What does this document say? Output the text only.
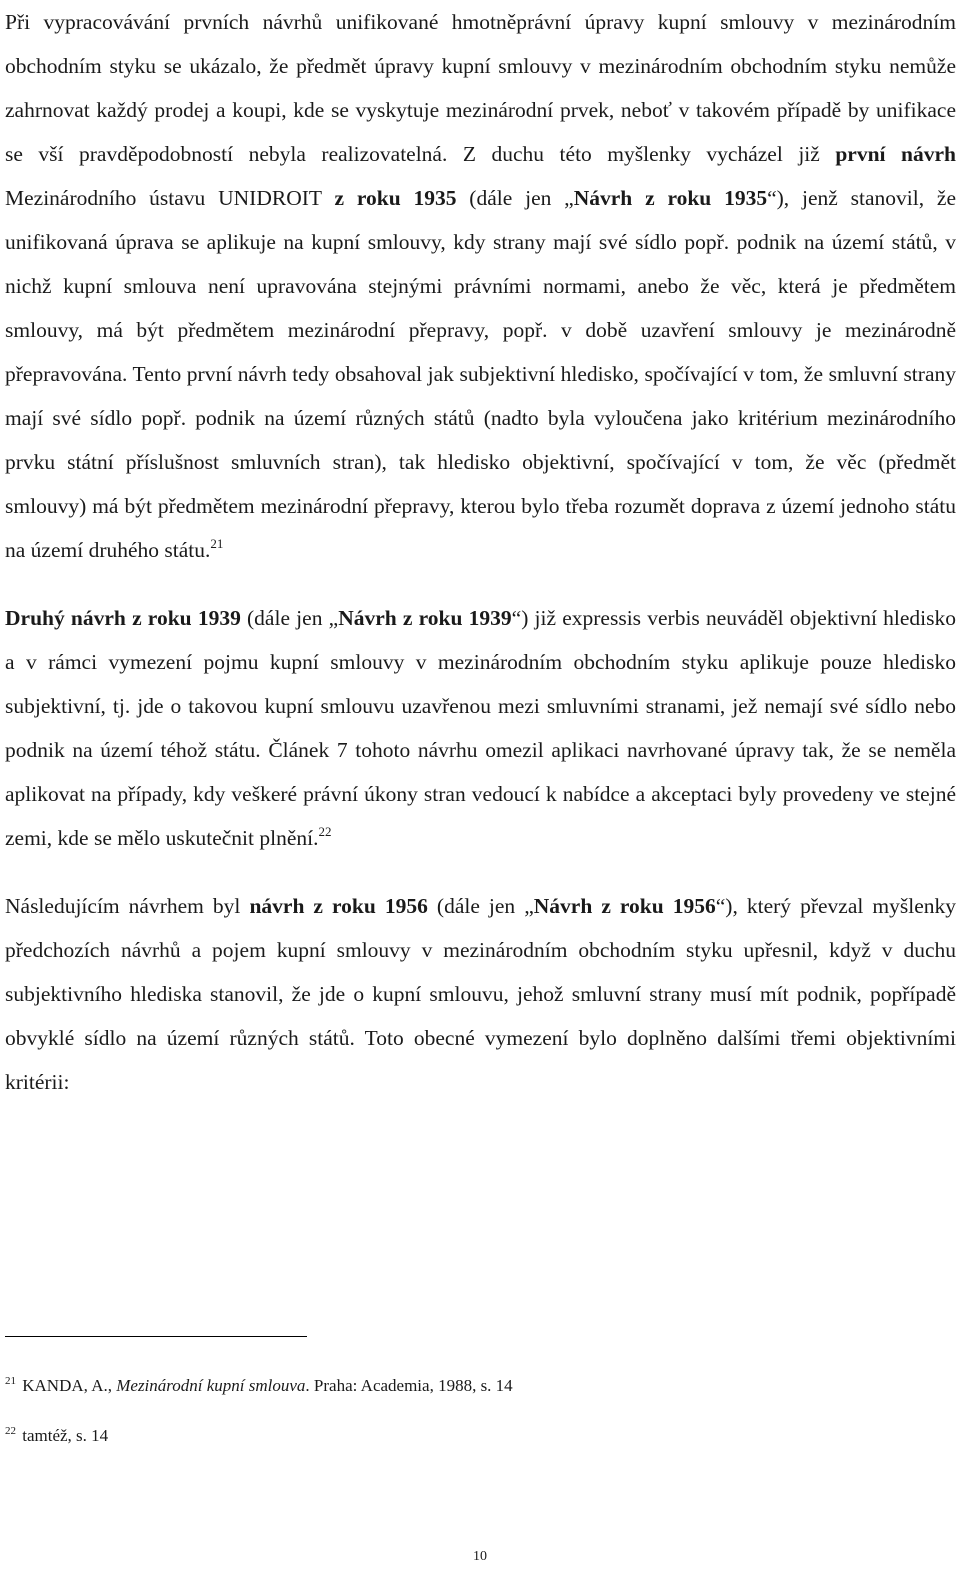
Při vypracovávání prvních návrhů unifikované hmotněprávní úpravy kupní smlouvy v mezinárodním obchodním styku se ukázalo, že předmět úpravy kupní smlouvy v mezinárodním obchodním styku nemůže zahrnovat každý prodej a koupi, kde se vyskytuje mezinárodní prvek, neboť v takovém případě by unifikace se vší pravděpodobností nebyla realizovatelná. Z duchu této myšlenky vycházel již první návrh Mezinárodního ústavu UNIDROIT z roku 1935 (dále jen „Návrh z roku 1935“), jenž stanovil, že unifikovaná úprava se aplikuje na kupní smlouvy, kdy strany mají své sídlo popř. podnik na území států, v nichž kupní smlouva není upravována stejnými právními normami, anebo že věc, která je předmětem smlouvy, má být předmětem mezinárodní přepravy, popř. v době uzavření smlouvy je mezinárodně přepravována. Tento první návrh tedy obsahoval jak subjektivní hledisko, spočívající v tom, že smluvní strany mají své sídlo popř. podnik na území různých států (nadto byla vyloučena jako kritérium mezinárodního prvku státní příslušnost smluvních stran), tak hledisko objektivní, spočívající v tom, že věc (předmět smlouvy) má být předmětem mezinárodní přepravy, kterou bylo třeba rozumět doprava z území jednoho státu na území druhého státu.$^{21}$

Druhý návrh z roku 1939 (dále jen „Návrh z roku 1939“) již expressis verbis neuváděl objektivní hledisko a v rámci vymezení pojmu kupní smlouvy v mezinárodním obchodním styku aplikuje pouze hledisko subjektivní, tj. jde o takovou kupní smlouvu uzavřenou mezi smluvními stranami, jež nemají své sídlo nebo podnik na území téhož státu. Článek 7 tohoto návrhu omezil aplikaci navrhované úpravy tak, že se neměla aplikovat na případy, kdy veškeré právní úkony stran vedoucí k nabídce a akceptaci byly provedeny ve stejné zemi, kde se mělo uskutečnit plnění.$^{22}$

Následujícím návrhem byl návrh z roku 1956 (dále jen „Návrh z roku 1956“), který převzal myšlenky předchozích návrhů a pojem kupní smlouvy v mezinárodním obchodním styku upřesnil, když v duchu subjektivního hlediska stanovil, že jde o kupní smlouvu, jehož smluvní strany musí mít podnik, popřípadě obvyklé sídlo na území různých států. Toto obecné vymezení bylo doplněno dalšími třemi objektivními kritérii:

$^{21}$ KANDA, A., Mezinárodní kupní smlouva. Praha: Academia, 1988, s. 14

$^{22}$ tamtéž, s. 14

10
